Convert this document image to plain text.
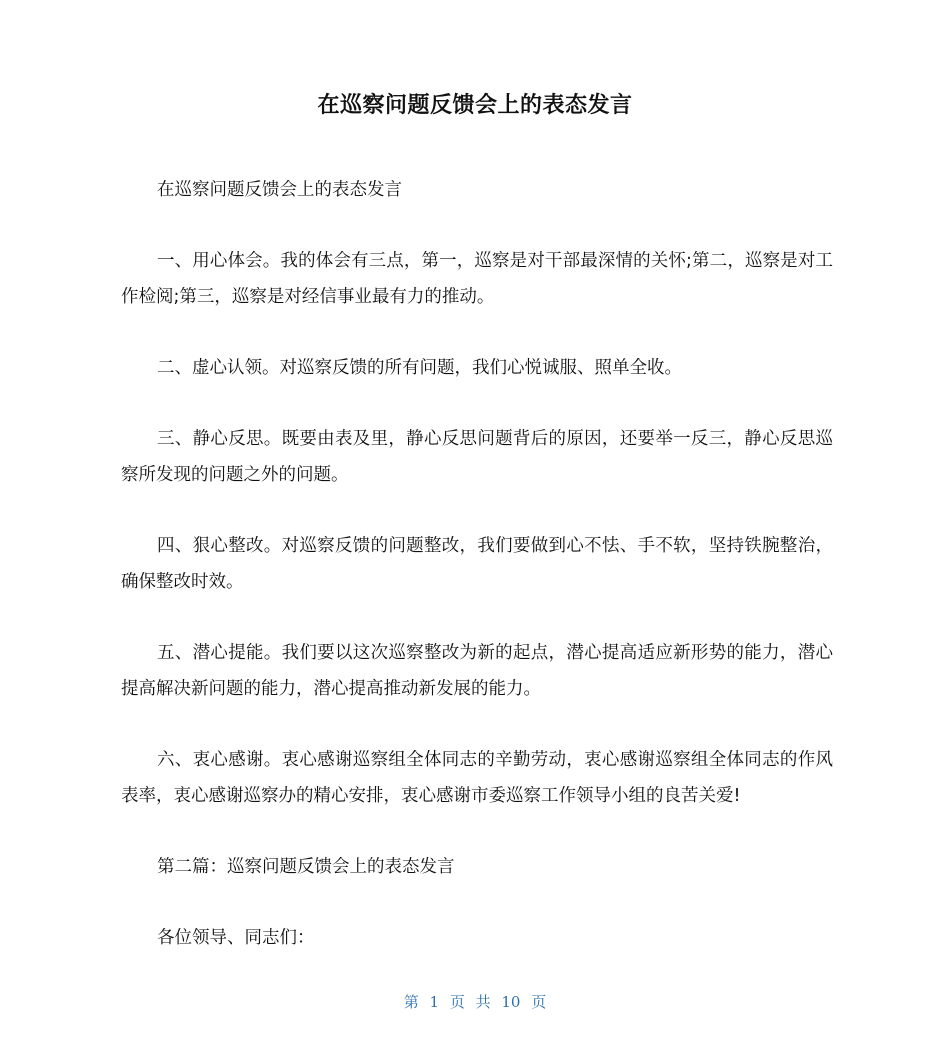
在巡察问题反馈会上的表态发言

在巡察问题反馈会上的表态发言

一、用心体会。我的体会有三点，第一，巡察是对干部最深情的关怀;第二，巡察是对工作检阅;第三，巡察是对经信事业最有力的推动。

二、虚心认领。对巡察反馈的所有问题，我们心悦诚服、照单全收。

三、静心反思。既要由表及里，静心反思问题背后的原因，还要举一反三，静心反思巡察所发现的问题之外的问题。

四、狠心整改。对巡察反馈的问题整改，我们要做到心不怯、手不软，坚持铁腕整治，确保整改时效。

五、潜心提能。我们要以这次巡察整改为新的起点，潜心提高适应新形势的能力，潜心提高解决新问题的能力，潜心提高推动新发展的能力。

六、衷心感谢。衷心感谢巡察组全体同志的辛勤劳动，衷心感谢巡察组全体同志的作风表率，衷心感谢巡察办的精心安排，衷心感谢市委巡察工作领导小组的良苦关爱!

第二篇：巡察问题反馈会上的表态发言

各位领导、同志们：

第 1 页 共 10 页
